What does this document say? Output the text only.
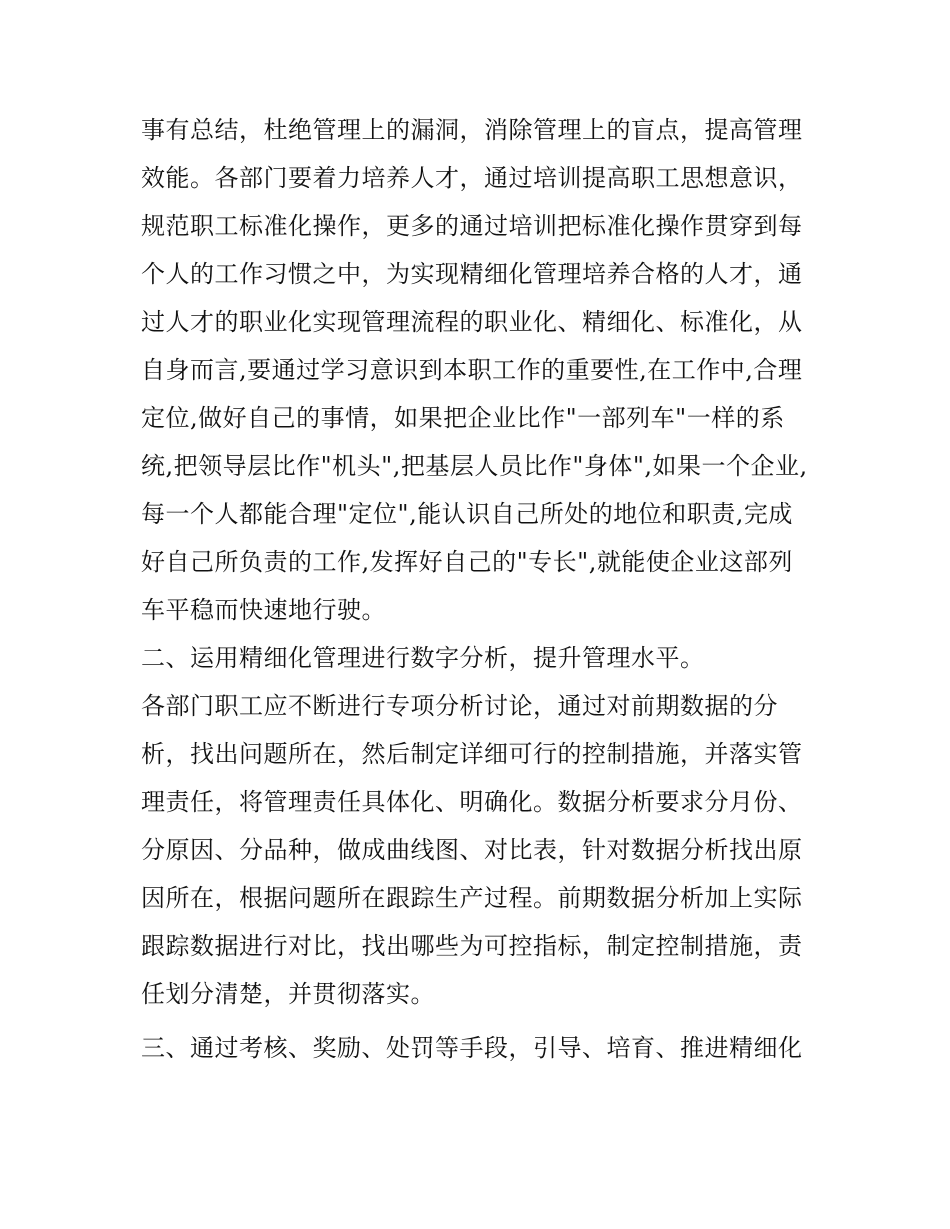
事有总结，杜绝管理上的漏洞，消除管理上的盲点，提高管理
效能。各部门要着力培养人才，通过培训提高职工思想意识，
规范职工标准化操作，更多的通过培训把标准化操作贯穿到每
个人的工作习惯之中，为实现精细化管理培养合格的人才，通
过人才的职业化实现管理流程的职业化、精细化、标准化，从
自身而言,要通过学习意识到本职工作的重要性,在工作中,合理
定位,做好自己的事情，如果把企业比作"一部列车"一样的系
统,把领导层比作"机头",把基层人员比作"身体",如果一个企业,
每一个人都能合理"定位",能认识自己所处的地位和职责,完成
好自己所负责的工作,发挥好自己的"专长",就能使企业这部列
车平稳而快速地行驶。
二、运用精细化管理进行数字分析，提升管理水平。
各部门职工应不断进行专项分析讨论，通过对前期数据的分
析，找出问题所在，然后制定详细可行的控制措施，并落实管
理责任，将管理责任具体化、明确化。数据分析要求分月份、
分原因、分品种，做成曲线图、对比表，针对数据分析找出原
因所在，根据问题所在跟踪生产过程。前期数据分析加上实际
跟踪数据进行对比，找出哪些为可控指标，制定控制措施，责
任划分清楚，并贯彻落实。
三、通过考核、奖励、处罚等手段，引导、培育、推进精细化
